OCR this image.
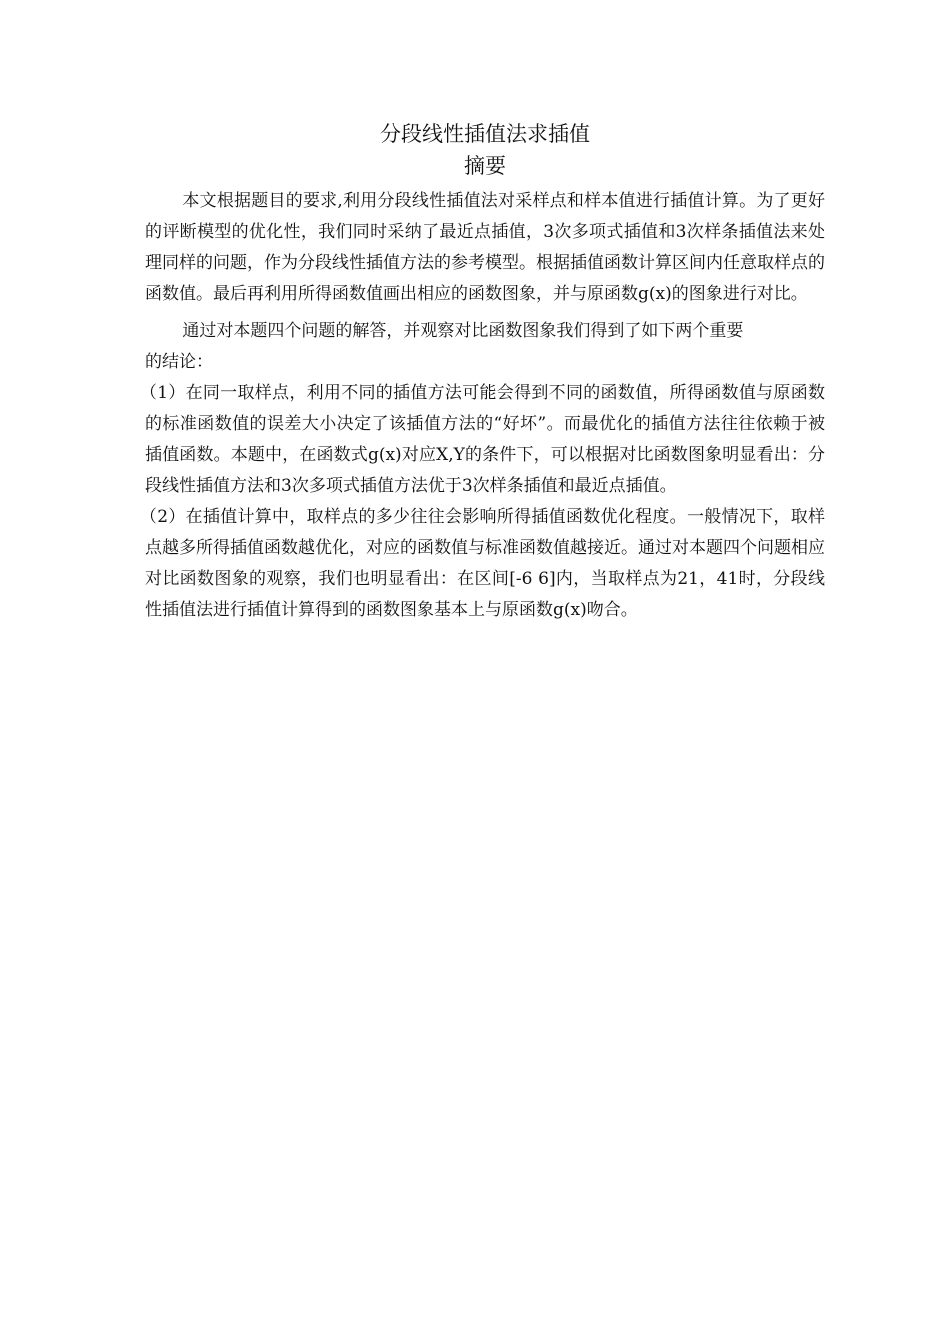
分段线性插值法求插值
摘要

本文根据题目的要求,利用分段线性插值法对采样点和样本值进行插值计算。为了更好的评断模型的优化性，我们同时采纳了最近点插值，3次多项式插值和3次样条插值法来处理同样的问题，作为分段线性插值方法的参考模型。根据插值函数计算区间内任意取样点的函数值。最后再利用所得函数值画出相应的函数图象，并与原函数g(x)的图象进行对比。

通过对本题四个问题的解答，并观察对比函数图象我们得到了如下两个重要

的结论：

（1）在同一取样点，利用不同的插值方法可能会得到不同的函数值，所得函数值与原函数的标准函数值的误差大小决定了该插值方法的“好坏”。而最优化的插值方法往往依赖于被插值函数。本题中，在函数式g(x)对应X,Y的条件下，可以根据对比函数图象明显看出：分段线性插值方法和3次多项式插值方法优于3次样条插值和最近点插值。

（2）在插值计算中，取样点的多少往往会影响所得插值函数优化程度。一般情况下，取样点越多所得插值函数越优化，对应的函数值与标准函数值越接近。通过对本题四个问题相应对比函数图象的观察，我们也明显看出：在区间[-6 6]内，当取样点为21，41时，分段线性插值法进行插值计算得到的函数图象基本上与原函数g(x)吻合。
